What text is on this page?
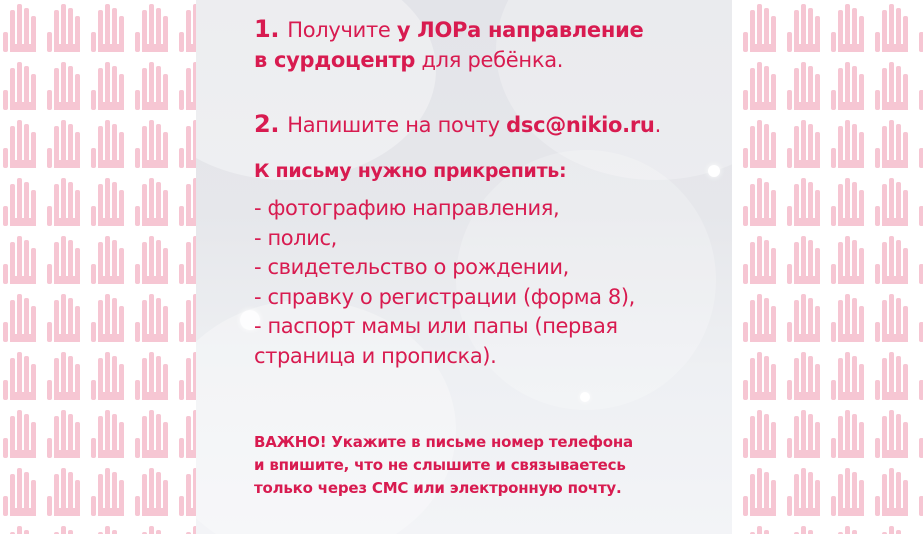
1. Получите у ЛОРа направление
в сурдоцентр для ребёнка.
2. Напишите на почту dsc@nikio.ru.
К письму нужно прикрепить:
- фотографию направления,
- полис,
- свидетельство о рождении,
- справку о регистрации (форма 8),
- паспорт мамы или папы (первая
страница и прописка).
ВАЖНО! Укажите в письме номер телефона
и впишите, что не слышите и связываетесь
только через СМС или электронную почту.
